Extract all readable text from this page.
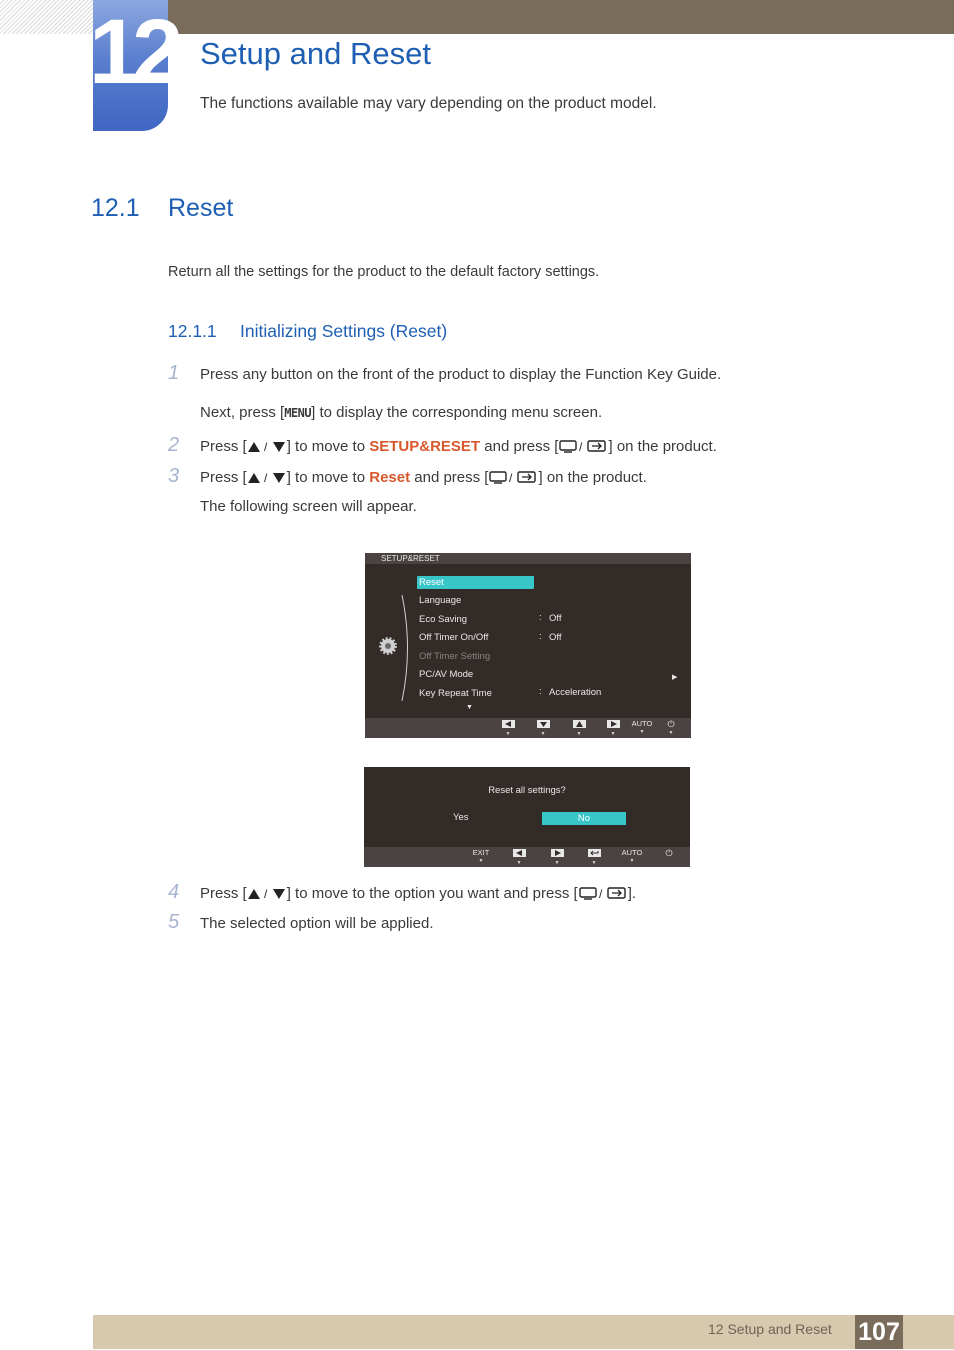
12 Setup and Reset

The functions available may vary depending on the product model.

12.1 Reset

Return all the settings for the product to the default factory settings.

12.1.1 Initializing Settings (Reset)
1 Press any button on the front of the product to display the Function Key Guide.
Next, press [MENU] to display the corresponding menu screen.
2 Press [ / ] to move to SETUP&RESET and press [ / ] on the product.
3 Press [ / ] to move to Reset and press [ / ] on the product.
The following screen will appear.
SETUP&RESET
Reset
Language
Eco Saving	: Off
Off Timer On/Off	: Off
Off Timer Setting
PC/AV Mode	▶
Key Repeat Time	: Acceleration
▼
▼	▼	▼	▼
AUTO
▼
⏻
▼
Reset all settings?
Yes	No
EXIT
▼	▼	▼	▼
AUTO
▼
⏻
4 Press [ / ] to move to the option you want and press [ / ].
5 The selected option will be applied.
12 Setup and Reset 107
